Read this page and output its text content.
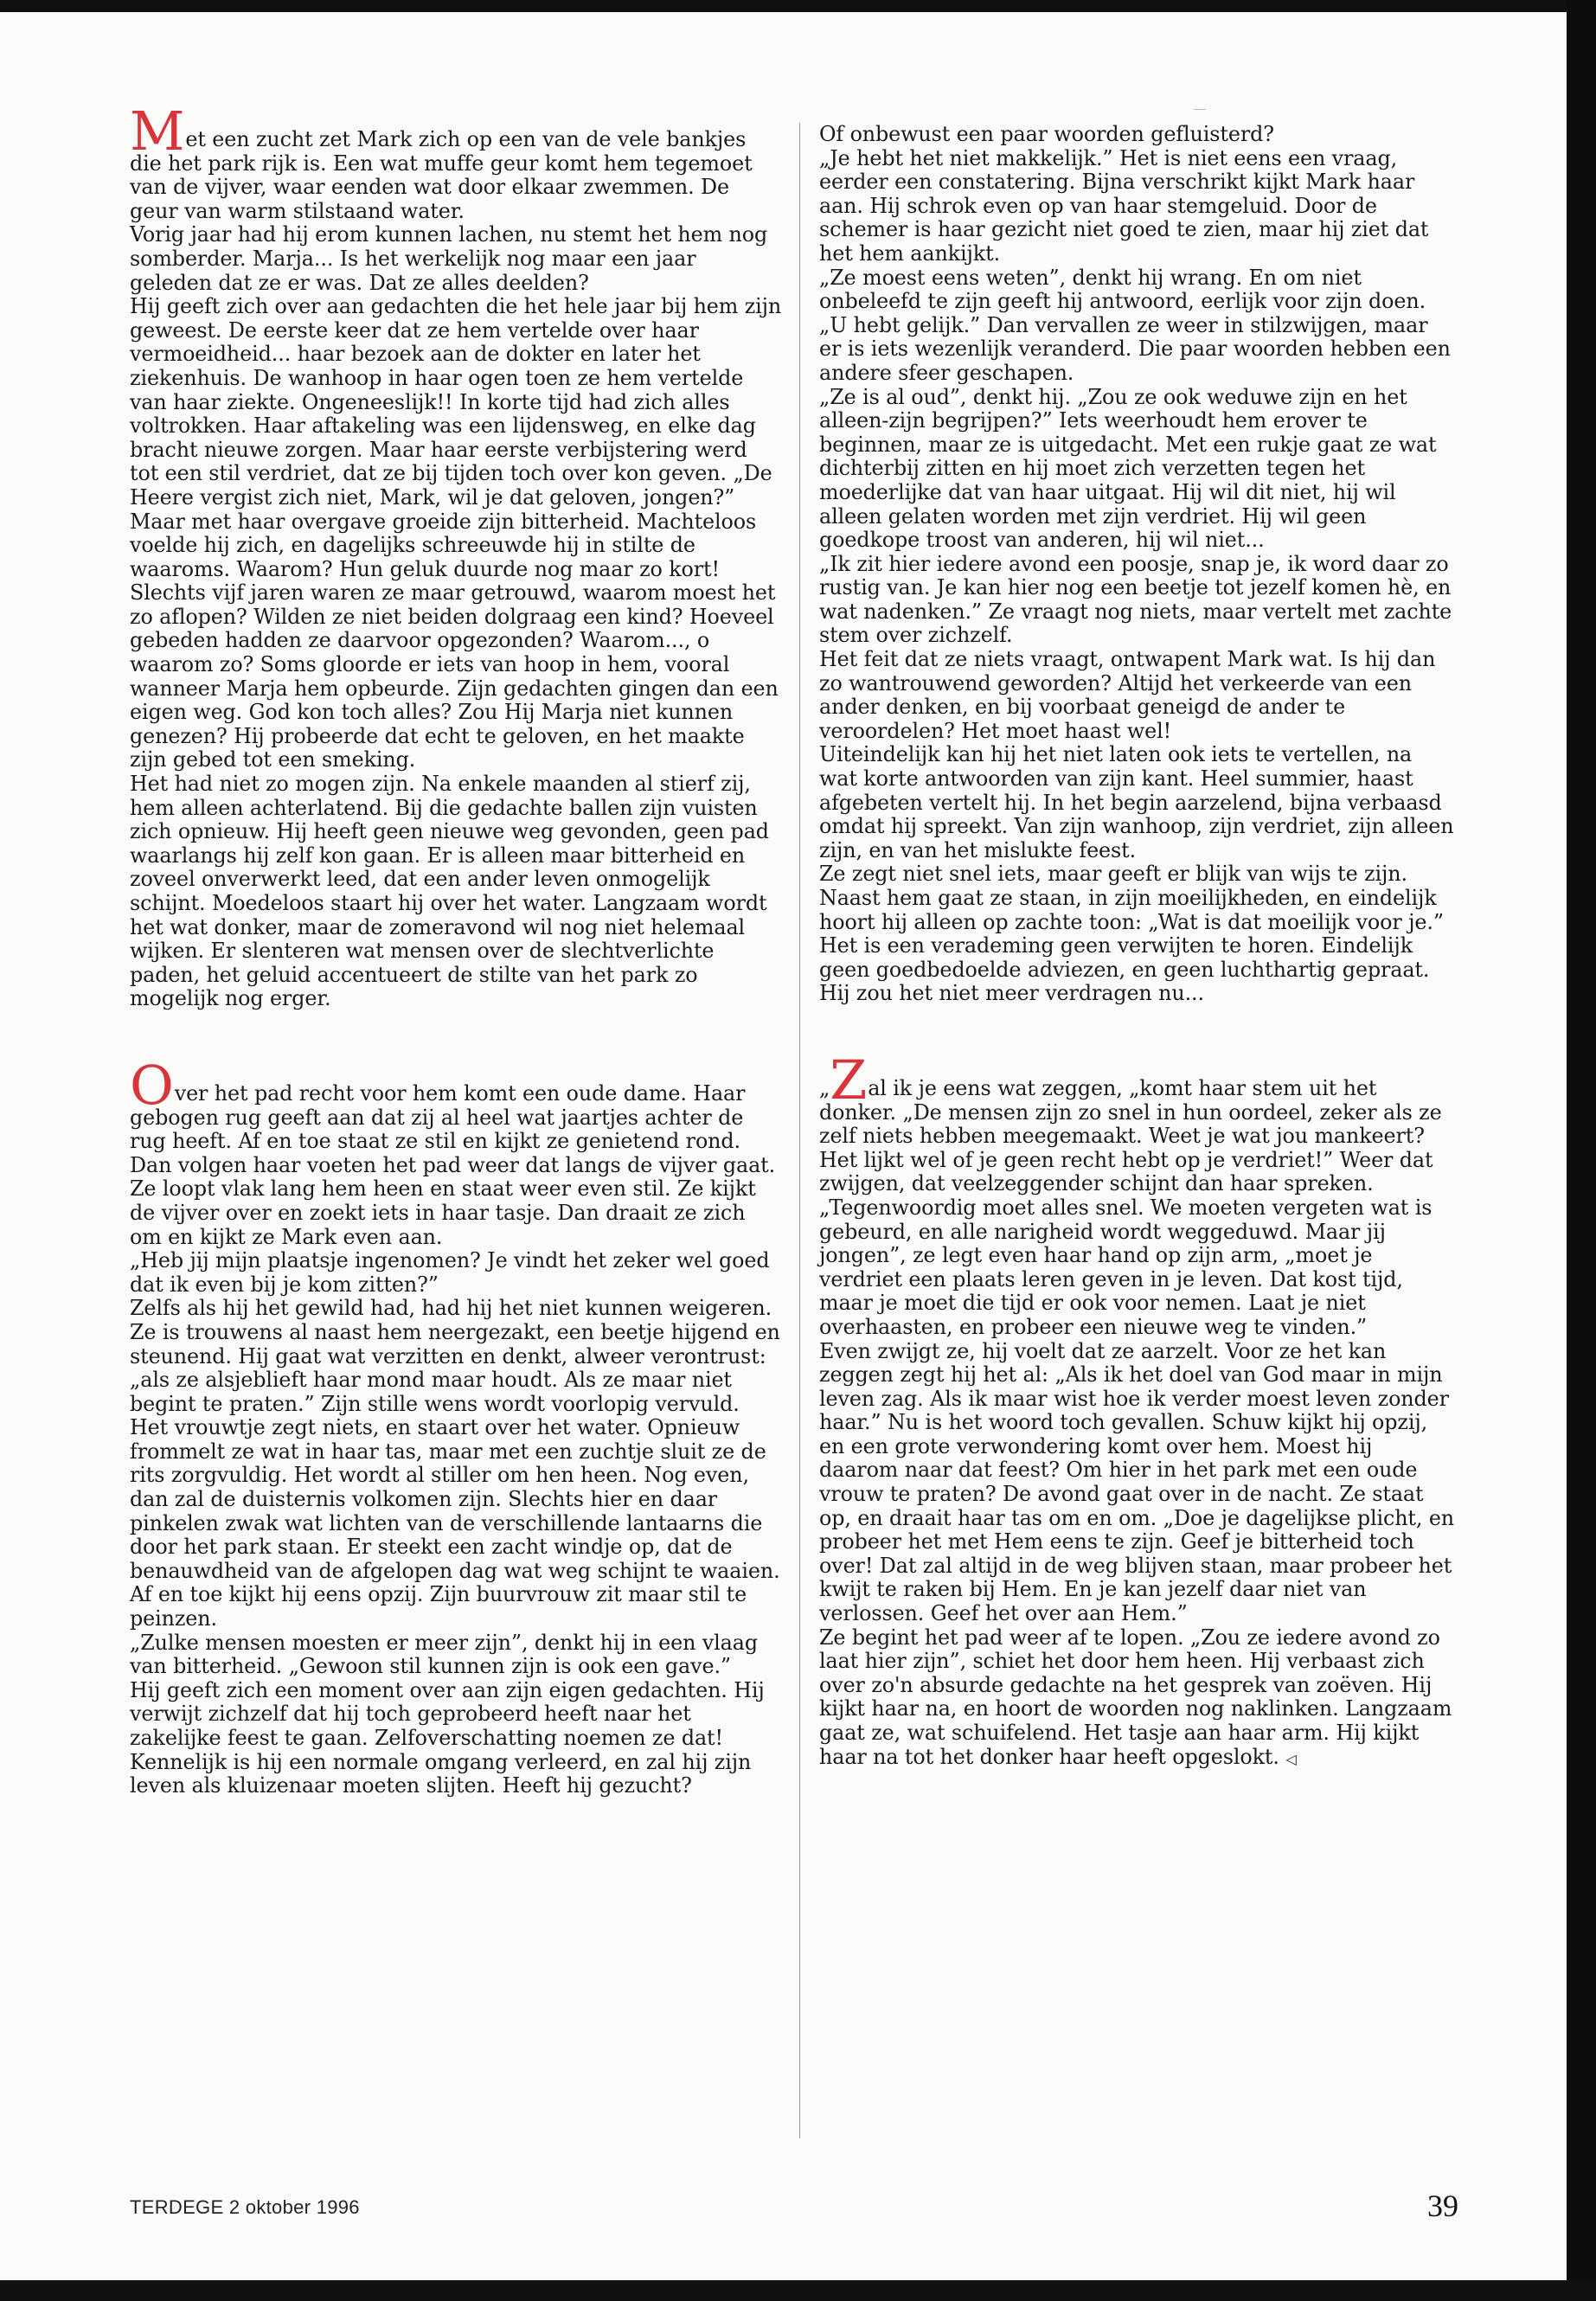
Met een zucht zet Mark zich op een van de vele bankjes die het park rijk is. Een wat muffe geur komt hem tegemoet van de vijver, waar eenden wat door elkaar zwemmen. De geur van warm stilstaand water.

Vorig jaar had hij erom kunnen lachen, nu stemt het hem nog somberder. Marja... Is het werkelijk nog maar een jaar geleden dat ze er was. Dat ze alles deelden?

Hij geeft zich over aan gedachten die het hele jaar bij hem zijn geweest. De eerste keer dat ze hem vertelde over haar vermoeidheid... haar bezoek aan de dokter en later het ziekenhuis. De wanhoop in haar ogen toen ze hem vertelde van haar ziekte. Ongeneeslijk!! In korte tijd had zich alles voltrokken. Haar aftakeling was een lijdensweg, en elke dag bracht nieuwe zorgen. Maar haar eerste verbijstering werd tot een stil verdriet, dat ze bij tijden toch over kon geven. „De Heere vergist zich niet, Mark, wil je dat geloven, jongen?” Maar met haar overgave groeide zijn bitterheid. Machteloos voelde hij zich, en dagelijks schreeuwde hij in stilte de waaroms. Waarom? Hun geluk duurde nog maar zo kort! Slechts vijf jaren waren ze maar getrouwd, waarom moest het zo aflopen? Wilden ze niet beiden dolgraag een kind? Hoeveel gebeden hadden ze daarvoor opgezonden? Waarom..., o waarom zo? Soms gloorde er iets van hoop in hem, vooral wanneer Marja hem opbeurde. Zijn gedachten gingen dan een eigen weg. God kon toch alles? Zou Hij Marja niet kunnen genezen? Hij probeerde dat echt te geloven, en het maakte zijn gebed tot een smeking.

Het had niet zo mogen zijn. Na enkele maanden al stierf zij, hem alleen achterlatend. Bij die gedachte ballen zijn vuisten zich opnieuw. Hij heeft geen nieuwe weg gevonden, geen pad waarlangs hij zelf kon gaan. Er is alleen maar bitterheid en zoveel onverwerkt leed, dat een ander leven onmogelijk schijnt. Moedeloos staart hij over het water. Langzaam wordt het wat donker, maar de zomeravond wil nog niet helemaal wijken. Er slenteren wat mensen over de slechtverlichte paden, het geluid accentueert de stilte van het park zo mogelijk nog erger.

Over het pad recht voor hem komt een oude dame. Haar gebogen rug geeft aan dat zij al heel wat jaartjes achter de rug heeft. Af en toe staat ze stil en kijkt ze genietend rond. Dan volgen haar voeten het pad weer dat langs de vijver gaat. Ze loopt vlak lang hem heen en staat weer even stil. Ze kijkt de vijver over en zoekt iets in haar tasje. Dan draait ze zich om en kijkt ze Mark even aan.

„Heb jij mijn plaatsje ingenomen? Je vindt het zeker wel goed dat ik even bij je kom zitten?”

Zelfs als hij het gewild had, had hij het niet kunnen weigeren. Ze is trouwens al naast hem neergezakt, een beetje hijgend en steunend. Hij gaat wat verzitten en denkt, alweer verontrust: „als ze alsjeblieft haar mond maar houdt. Als ze maar niet begint te praten.” Zijn stille wens wordt voorlopig vervuld. Het vrouwtje zegt niets, en staart over het water. Opnieuw frommelt ze wat in haar tas, maar met een zuchtje sluit ze de rits zorgvuldig. Het wordt al stiller om hen heen. Nog even, dan zal de duisternis volkomen zijn. Slechts hier en daar pinkelen zwak wat lichten van de verschillende lantaarns die door het park staan. Er steekt een zacht windje op, dat de benauwdheid van de afgelopen dag wat weg schijnt te waaien. Af en toe kijkt hij eens opzij. Zijn buurvrouw zit maar stil te peinzen.

„Zulke mensen moesten er meer zijn”, denkt hij in een vlaag van bitterheid. „Gewoon stil kunnen zijn is ook een gave.”

Hij geeft zich een moment over aan zijn eigen gedachten. Hij verwijt zichzelf dat hij toch geprobeerd heeft naar het zakelijke feest te gaan. Zelfoverschatting noemen ze dat! Kennelijk is hij een normale omgang verleerd, en zal hij zijn leven als kluizenaar moeten slijten. Heeft hij gezucht?

Of onbewust een paar woorden gefluisterd?

„Je hebt het niet makkelijk.” Het is niet eens een vraag, eerder een constatering. Bijna verschrikt kijkt Mark haar aan. Hij schrok even op van haar stemgeluid. Door de schemer is haar gezicht niet goed te zien, maar hij ziet dat het hem aankijkt.

„Ze moest eens weten”, denkt hij wrang. En om niet onbeleefd te zijn geeft hij antwoord, eerlijk voor zijn doen. „U hebt gelijk.” Dan vervallen ze weer in stilzwijgen, maar er is iets wezenlijk veranderd. Die paar woorden hebben een andere sfeer geschapen.

„Ze is al oud”, denkt hij. „Zou ze ook weduwe zijn en het alleen-zijn begrijpen?” Iets weerhoudt hem erover te beginnen, maar ze is uitgedacht. Met een rukje gaat ze wat dichterbij zitten en hij moet zich verzetten tegen het moederlijke dat van haar uitgaat. Hij wil dit niet, hij wil alleen gelaten worden met zijn verdriet. Hij wil geen goedkope troost van anderen, hij wil niet...

„Ik zit hier iedere avond een poosje, snap je, ik word daar zo rustig van. Je kan hier nog een beetje tot jezelf komen hè, en wat nadenken.” Ze vraagt nog niets, maar vertelt met zachte stem over zichzelf.

Het feit dat ze niets vraagt, ontwapent Mark wat. Is hij dan zo wantrouwend geworden? Altijd het verkeerde van een ander denken, en bij voorbaat geneigd de ander te veroordelen? Het moet haast wel!

Uiteindelijk kan hij het niet laten ook iets te vertellen, na wat korte antwoorden van zijn kant. Heel summier, haast afgebeten vertelt hij. In het begin aarzelend, bijna verbaasd omdat hij spreekt. Van zijn wanhoop, zijn verdriet, zijn alleen zijn, en van het mislukte feest.

Ze zegt niet snel iets, maar geeft er blijk van wijs te zijn. Naast hem gaat ze staan, in zijn moeilijkheden, en eindelijk hoort hij alleen op zachte toon: „Wat is dat moeilijk voor je.” Het is een verademing geen verwijten te horen. Eindelijk geen goedbedoelde adviezen, en geen luchthartig gepraat. Hij zou het niet meer verdragen nu...

„Zal ik je eens wat zeggen, „komt haar stem uit het donker. „De mensen zijn zo snel in hun oordeel, zeker als ze zelf niets hebben meegemaakt. Weet je wat jou mankeert? Het lijkt wel of je geen recht hebt op je verdriet!” Weer dat zwijgen, dat veelzeggender schijnt dan haar spreken. „Tegenwoordig moet alles snel. We moeten vergeten wat is gebeurd, en alle narigheid wordt weggeduwd. Maar jij jongen”, ze legt even haar hand op zijn arm, „moet je verdriet een plaats leren geven in je leven. Dat kost tijd, maar je moet die tijd er ook voor nemen. Laat je niet overhaasten, en probeer een nieuwe weg te vinden.”

Even zwijgt ze, hij voelt dat ze aarzelt. Voor ze het kan zeggen zegt hij het al: „Als ik het doel van God maar in mijn leven zag. Als ik maar wist hoe ik verder moest leven zonder haar.” Nu is het woord toch gevallen. Schuw kijkt hij opzij, en een grote verwondering komt over hem. Moest hij daarom naar dat feest? Om hier in het park met een oude vrouw te praten? De avond gaat over in de nacht. Ze staat op, en draait haar tas om en om. „Doe je dagelijkse plicht, en probeer het met Hem eens te zijn. Geef je bitterheid toch over! Dat zal altijd in de weg blijven staan, maar probeer het kwijt te raken bij Hem. En je kan jezelf daar niet van verlossen. Geef het over aan Hem.”

Ze begint het pad weer af te lopen. „Zou ze iedere avond zo laat hier zijn”, schiet het door hem heen. Hij verbaast zich over zo'n absurde gedachte na het gesprek van zoëven. Hij kijkt haar na, en hoort de woorden nog naklinken. Langzaam gaat ze, wat schuifelend. Het tasje aan haar arm. Hij kijkt haar na tot het donker haar heeft opgeslokt. ◁

TERDEGE 2 oktober 1996	39
